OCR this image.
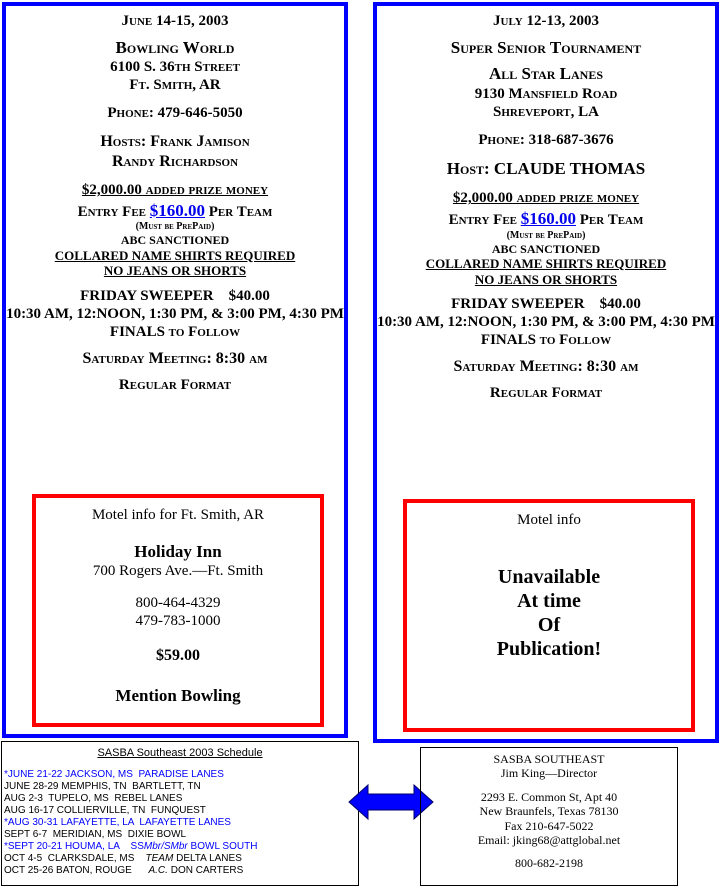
June 14-15, 2003
Bowling World
6100 S. 36th Street
Ft. Smith, AR
Phone: 479-646-5050
Hosts: Frank Jamison
Randy Richardson
$2,000.00 added prize money
Entry Fee $160.00 Per Team
(Must be PrePaid)
ABC SANCTIONED
COLLARED NAME SHIRTS REQUIRED
NO JEANS OR SHORTS
FRIDAY SWEEPER    $40.00
10:30 AM, 12:NOON, 1:30 PM, & 3:00 PM, 4:30 PM
FINALS to Follow
Saturday Meeting: 8:30 am
Regular Format
Motel info for Ft. Smith, AR
Holiday Inn
700 Rogers Ave.—Ft. Smith
800-464-4329
479-783-1000
$59.00
Mention Bowling
July 12-13, 2003
Super Senior Tournament
All Star Lanes
9130 Mansfield Road
Shreveport, LA
Phone: 318-687-3676
Host: CLAUDE THOMAS
$2,000.00 added prize money
Entry Fee $160.00 Per Team
(Must be PrePaid)
ABC SANCTIONED
COLLARED NAME SHIRTS REQUIRED
NO JEANS OR SHORTS
FRIDAY SWEEPER    $40.00
10:30 AM, 12:NOON, 1:30 PM, & 3:00 PM, 4:30 PM
FINALS to Follow
Saturday Meeting: 8:30 am
Regular Format
Motel info
Unavailable
At time
Of
Publication!
SASBA Southeast 2003 Schedule
*JUNE 21-22 JACKSON, MS  PARADISE LANES
JUNE 28-29 MEMPHIS, TN  BARTLETT, TN
AUG 2-3  TUPELO, MS  REBEL LANES
AUG 16-17 COLLIERVILLE, TN  FUNQUEST
*AUG 30-31 LAFAYETTE, LA  LAFAYETTE LANES
SEPT 6-7  MERIDIAN, MS  DIXIE BOWL
*SEPT 20-21 HOUMA, LA    SSMbr/SMbr BOWL SOUTH
OCT 4-5  CLARKSDALE, MS    TEAM DELTA LANES
OCT 25-26 BATON, ROUGE      A.C. DON CARTERS
SASBA SOUTHEAST
Jim King—Director
2293 E. Common St, Apt 40
New Braunfels, Texas 78130
Fax 210-647-5022
Email: jking68@attglobal.net
800-682-2198
